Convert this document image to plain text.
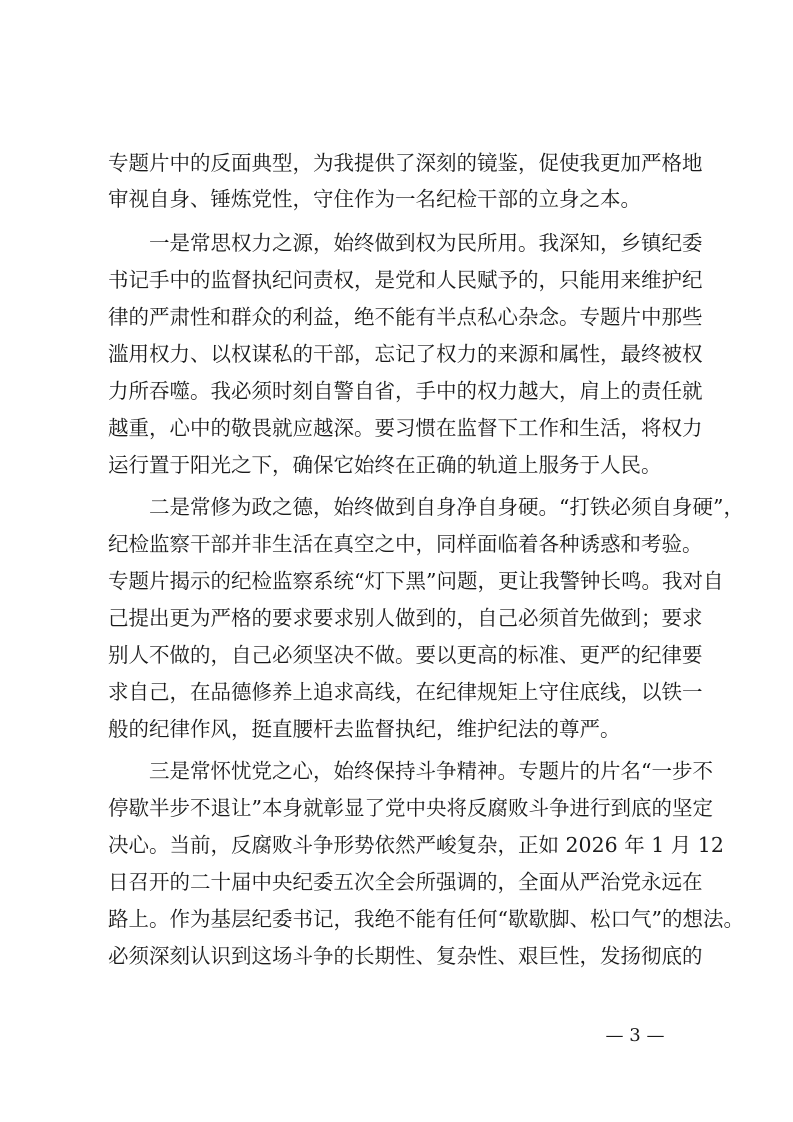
专题片中的反面典型，为我提供了深刻的镜鉴，促使我更加严格地
审视自身、锤炼党性，守住作为一名纪检干部的立身之本。
　　一是常思权力之源，始终做到权为民所用。我深知，乡镇纪委
书记手中的监督执纪问责权，是党和人民赋予的，只能用来维护纪
律的严肃性和群众的利益，绝不能有半点私心杂念。专题片中那些
滥用权力、以权谋私的干部，忘记了权力的来源和属性，最终被权
力所吞噬。我必须时刻自警自省，手中的权力越大，肩上的责任就
越重，心中的敬畏就应越深。要习惯在监督下工作和生活，将权力
运行置于阳光之下，确保它始终在正确的轨道上服务于人民。
　　二是常修为政之德，始终做到自身净自身硬。“打铁必须自身硬”，
纪检监察干部并非生活在真空之中，同样面临着各种诱惑和考验。
专题片揭示的纪检监察系统“灯下黑”问题，更让我警钟长鸣。我对自
己提出更为严格的要求要求别人做到的，自己必须首先做到；要求
别人不做的，自己必须坚决不做。要以更高的标准、更严的纪律要
求自己，在品德修养上追求高线，在纪律规矩上守住底线，以铁一
般的纪律作风，挺直腰杆去监督执纪，维护纪法的尊严。
　　三是常怀忧党之心，始终保持斗争精神。专题片的片名“一步不
停歇半步不退让”本身就彰显了党中央将反腐败斗争进行到底的坚定
决心。当前，反腐败斗争形势依然严峻复杂，正如 2026 年 1 月 12
日召开的二十届中央纪委五次全会所强调的，全面从严治党永远在
路上。作为基层纪委书记，我绝不能有任何“歇歇脚、松口气”的想法。
必须深刻认识到这场斗争的长期性、复杂性、艰巨性，发扬彻底的
— 3 —
